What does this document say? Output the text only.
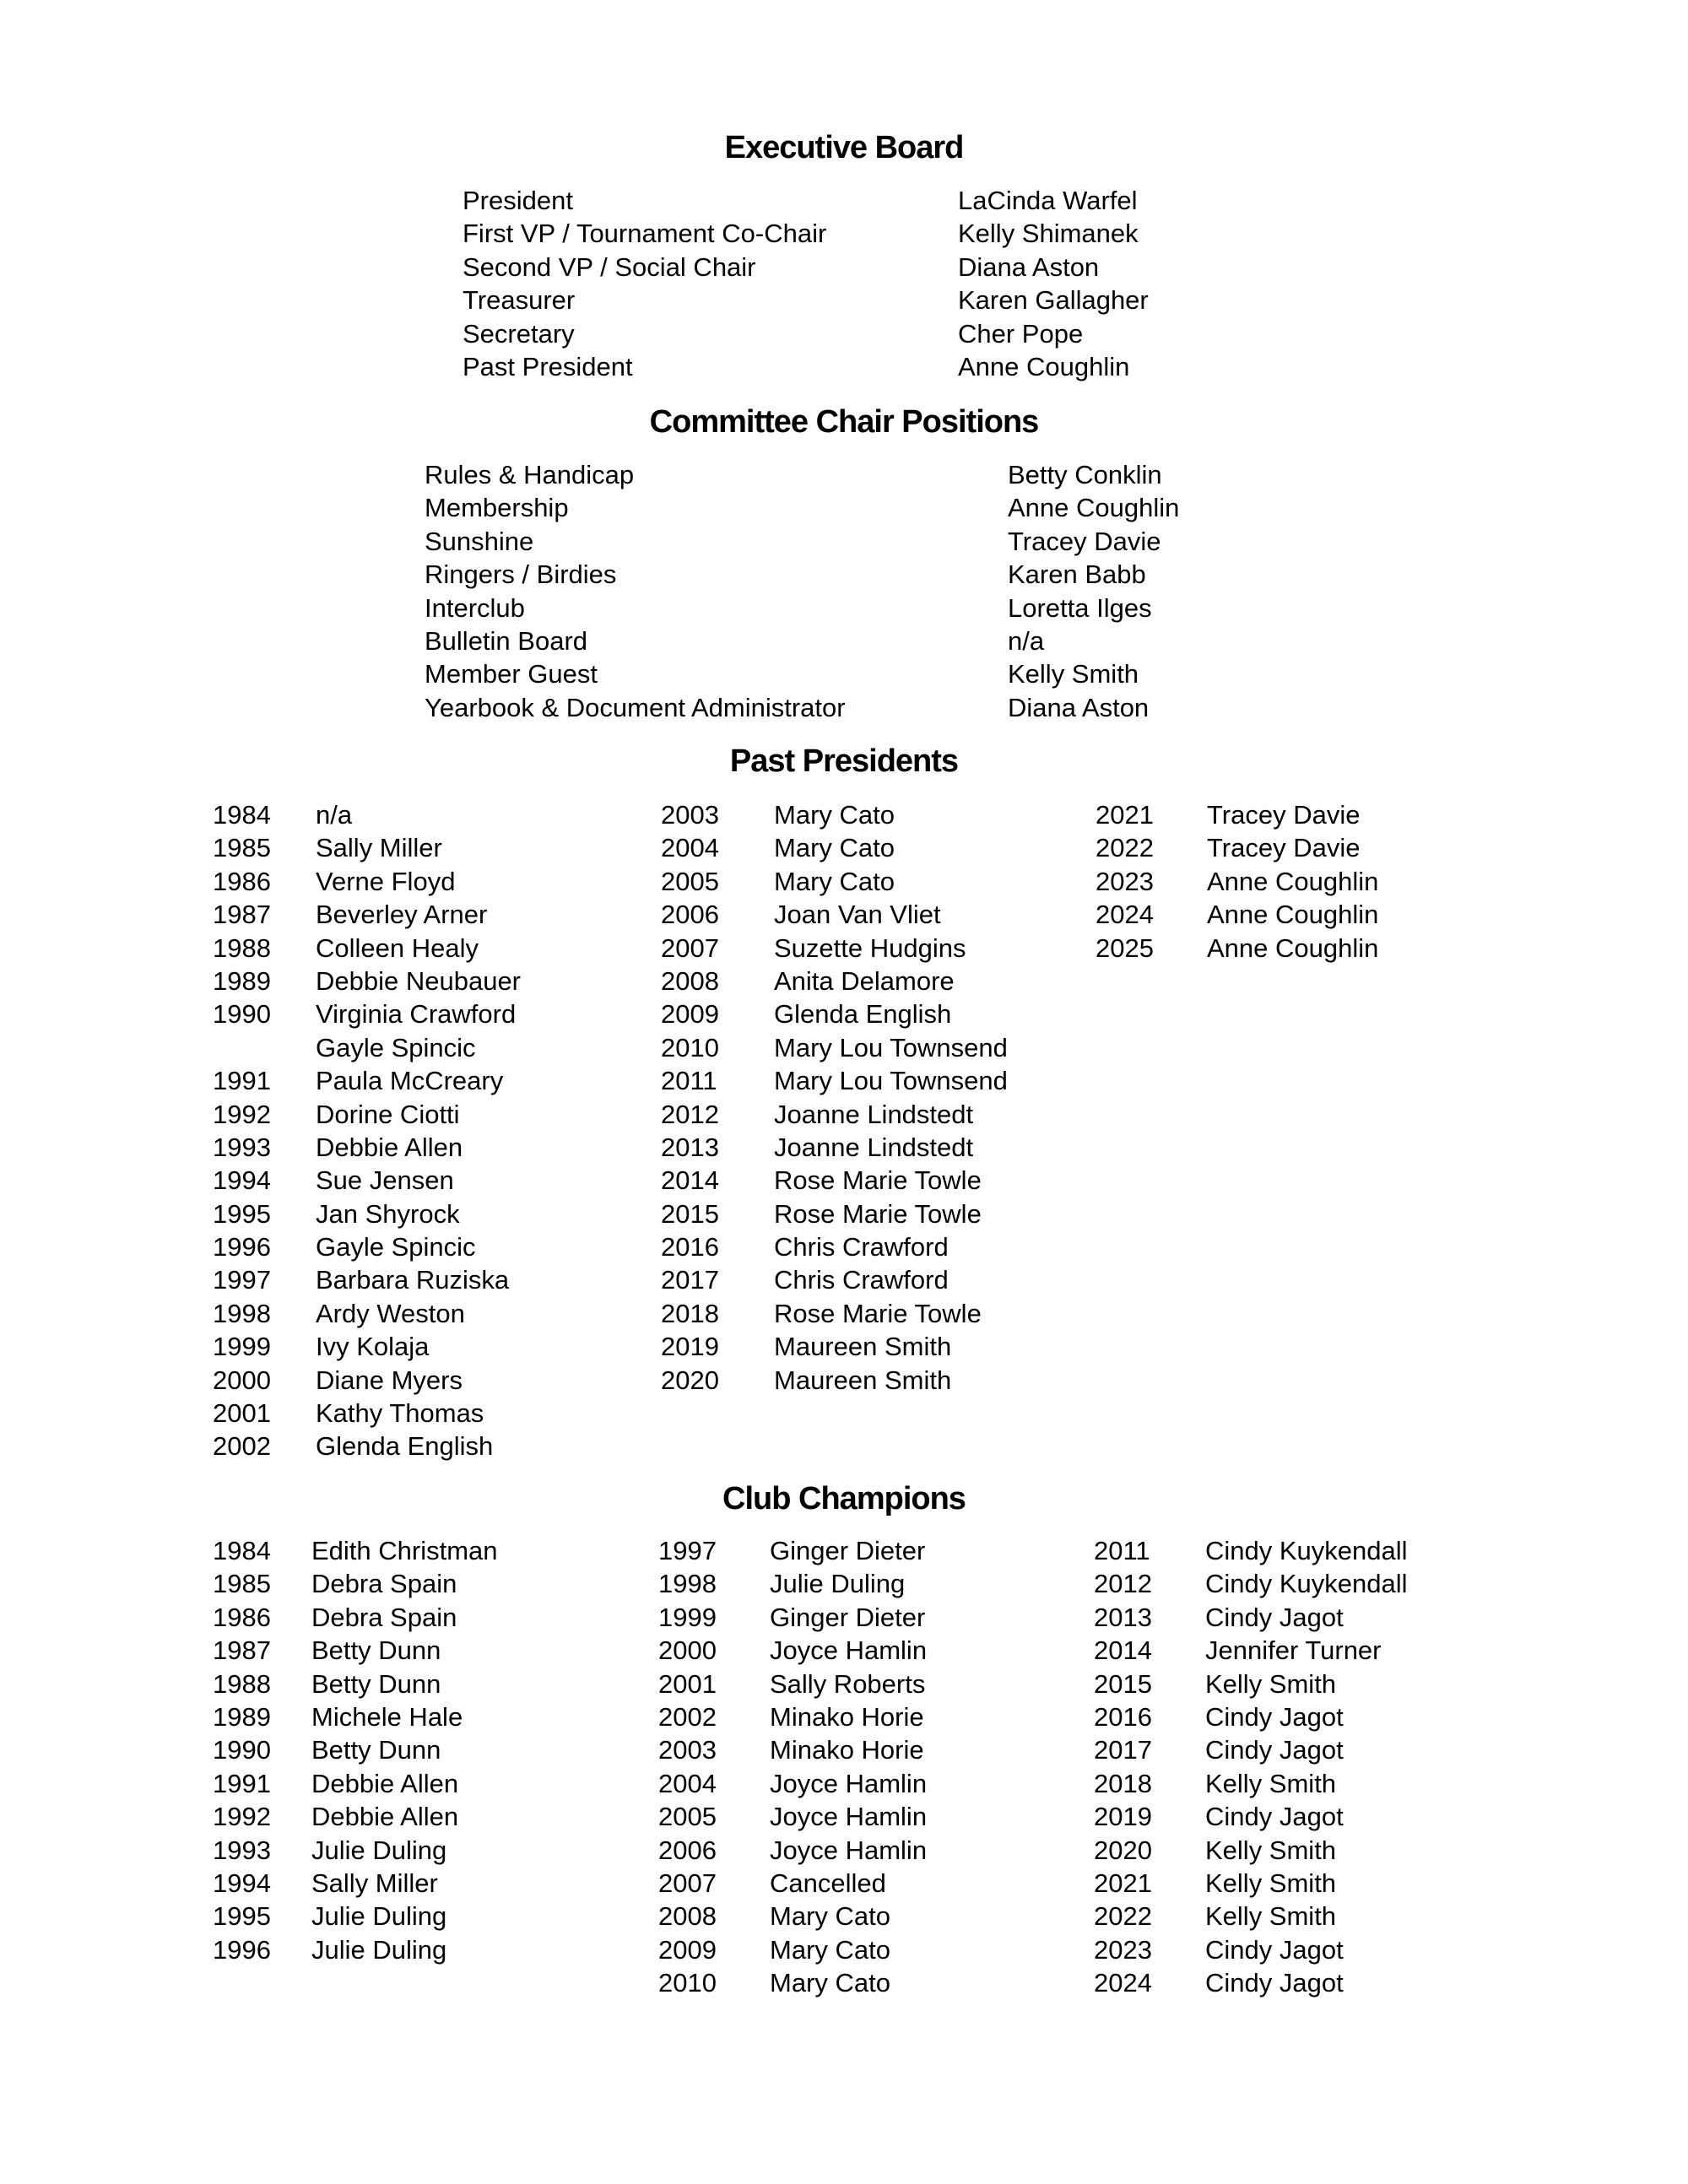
Executive Board
President
First VP / Tournament Co-Chair
Second VP / Social Chair
Treasurer
Secretary
Past President
LaCinda Warfel
Kelly Shimanek
Diana Aston
Karen Gallagher
Cher Pope
Anne Coughlin
Committee Chair Positions
Rules & Handicap
Membership
Sunshine
Ringers / Birdies
Interclub
Bulletin Board
Member Guest
Yearbook & Document Administrator
Betty Conklin
Anne Coughlin
Tracey Davie
Karen Babb
Loretta Ilges
n/a
Kelly Smith
Diana Aston
Past Presidents
1984
1985
1986
1987
1988
1989
1990
1991
1992
1993
1994
1995
1996
1997
1998
1999
2000
2001
2002
n/a
Sally Miller
Verne Floyd
Beverley Arner
Colleen Healy
Debbie Neubauer
Virginia Crawford
Gayle Spincic
Paula McCreary
Dorine Ciotti
Debbie Allen
Sue Jensen
Jan Shyrock
Gayle Spincic
Barbara Ruziska
Ardy Weston
Ivy Kolaja
Diane Myers
Kathy Thomas
Glenda English
2003
2004
2005
2006
2007
2008
2009
2010
2011
2012
2013
2014
2015
2016
2017
2018
2019
2020
Mary Cato
Mary Cato
Mary Cato
Joan Van Vliet
Suzette Hudgins
Anita Delamore
Glenda English
Mary Lou Townsend
Mary Lou Townsend
Joanne Lindstedt
Joanne Lindstedt
Rose Marie Towle
Rose Marie Towle
Chris Crawford
Chris Crawford
Rose Marie Towle
Maureen Smith
Maureen Smith
2021
2022
2023
2024
2025
Tracey Davie
Tracey Davie
Anne Coughlin
Anne Coughlin
Anne Coughlin
Club Champions
1984
1985
1986
1987
1988
1989
1990
1991
1992
1993
1994
1995
1996
Edith Christman
Debra Spain
Debra Spain
Betty Dunn
Betty Dunn
Michele Hale
Betty Dunn
Debbie Allen
Debbie Allen
Julie Duling
Sally Miller
Julie Duling
Julie Duling
1997
1998
1999
2000
2001
2002
2003
2004
2005
2006
2007
2008
2009
2010
Ginger Dieter
Julie Duling
Ginger Dieter
Joyce Hamlin
Sally Roberts
Minako Horie
Minako Horie
Joyce Hamlin
Joyce Hamlin
Joyce Hamlin
Cancelled
Mary Cato
Mary Cato
Mary Cato
2011
2012
2013
2014
2015
2016
2017
2018
2019
2020
2021
2022
2023
2024
Cindy Kuykendall
Cindy Kuykendall
Cindy Jagot
Jennifer Turner
Kelly Smith
Cindy Jagot
Cindy Jagot
Kelly Smith
Cindy Jagot
Kelly Smith
Kelly Smith
Kelly Smith
Cindy Jagot
Cindy Jagot
